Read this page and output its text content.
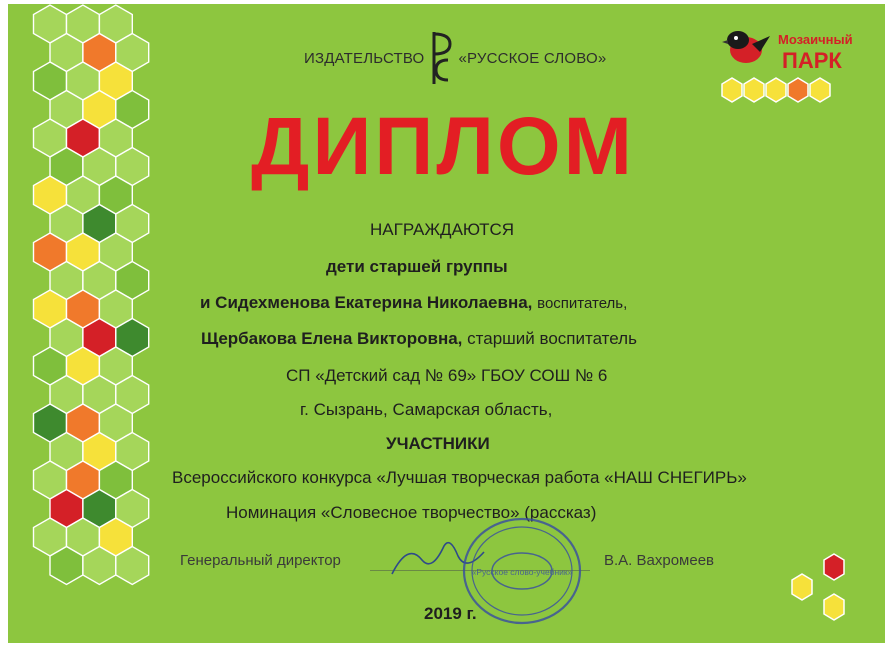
ИЗДАТЕЛЬСТВО «РУССКОЕ СЛОВО»
Мозаичный
ПАРК
ДИПЛОМ
НАГРАЖДАЮТСЯ
дети старшей группы
и Сидехменова Екатерина Николаевна, воспитатель,
Щербакова Елена Викторовна, старший воспитатель
СП «Детский сад № 69» ГБОУ СОШ № 6
г. Сызрань, Самарская область,
УЧАСТНИКИ
Всероссийского конкурса «Лучшая творческая работа «НАШ СНЕГИРЬ»
Номинация «Словесное творчество» (рассказ)
Генеральный директор	В.А. Вахромеев
«Русское слово-учебник»
2019 г.
